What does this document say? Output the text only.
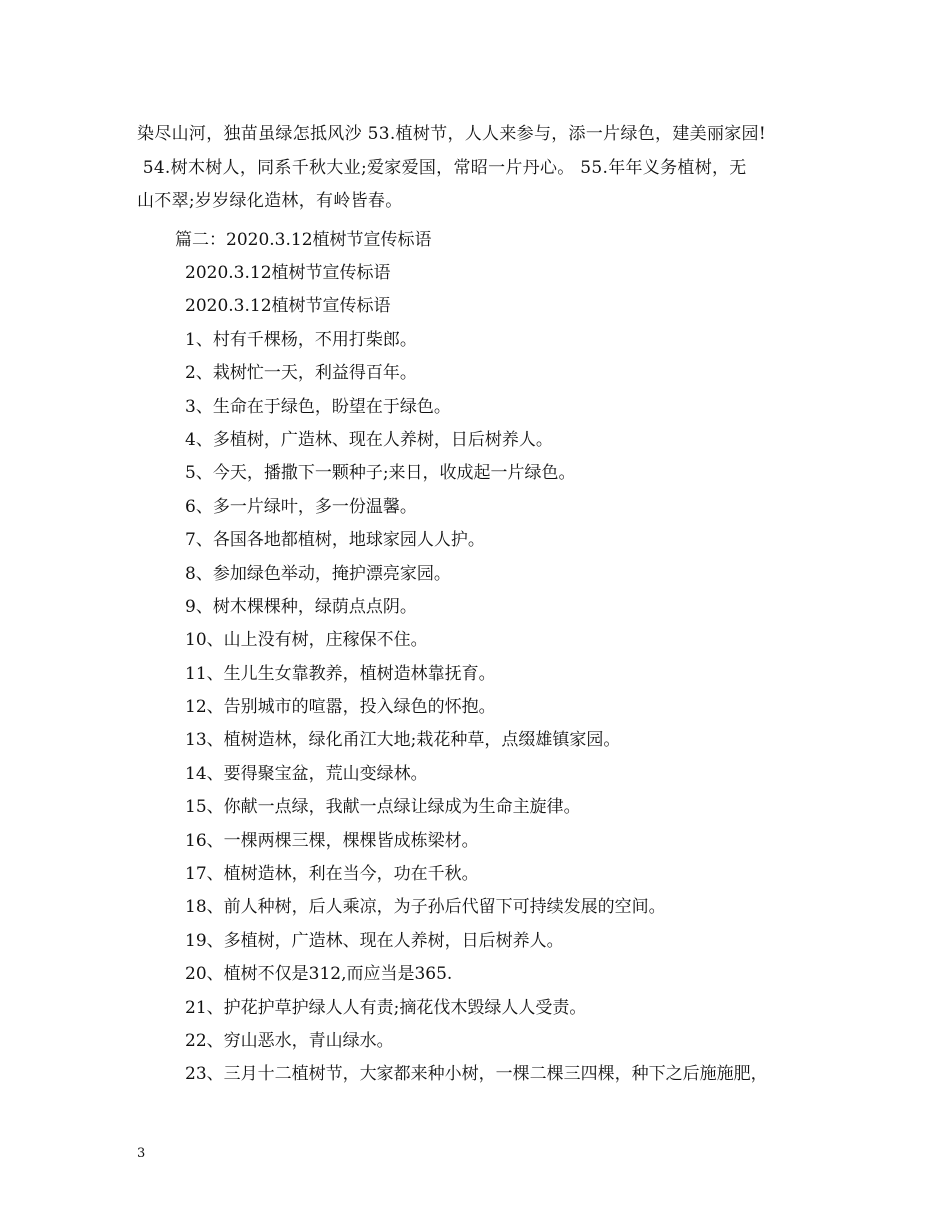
染尽山河，独苗虽绿怎抵风沙 53.植树节，人人来参与，添一片绿色，建美丽家园!

54.树木树人，同系千秋大业;爱家爱国，常昭一片丹心。 55.年年义务植树，无

山不翠;岁岁绿化造林，有岭皆春。

篇二：2020.3.12植树节宣传标语
2020.3.12植树节宣传标语
2020.3.12植树节宣传标语
1、村有千棵杨，不用打柴郎。
2、栽树忙一天，利益得百年。
3、生命在于绿色，盼望在于绿色。
4、多植树，广造林、现在人养树，日后树养人。
5、今天，播撒下一颗种子;来日，收成起一片绿色。
6、多一片绿叶，多一份温馨。
7、各国各地都植树，地球家园人人护。
8、参加绿色举动，掩护漂亮家园。
9、树木棵棵种，绿荫点点阴。
10、山上没有树，庄稼保不住。
11、生儿生女靠教养，植树造林靠抚育。
12、告别城市的喧嚣，投入绿色的怀抱。
13、植树造林，绿化甬江大地;栽花种草，点缀雄镇家园。
14、要得聚宝盆，荒山变绿林。
15、你献一点绿，我献一点绿让绿成为生命主旋律。
16、一棵两棵三棵，棵棵皆成栋梁材。
17、植树造林，利在当今，功在千秋。
18、前人种树，后人乘凉，为子孙后代留下可持续发展的空间。
19、多植树，广造林、现在人养树，日后树养人。
20、植树不仅是312,而应当是365.
21、护花护草护绿人人有责;摘花伐木毁绿人人受责。
22、穷山恶水，青山绿水。
23、三月十二植树节，大家都来种小树，一棵二棵三四棵，种下之后施施肥，
3
